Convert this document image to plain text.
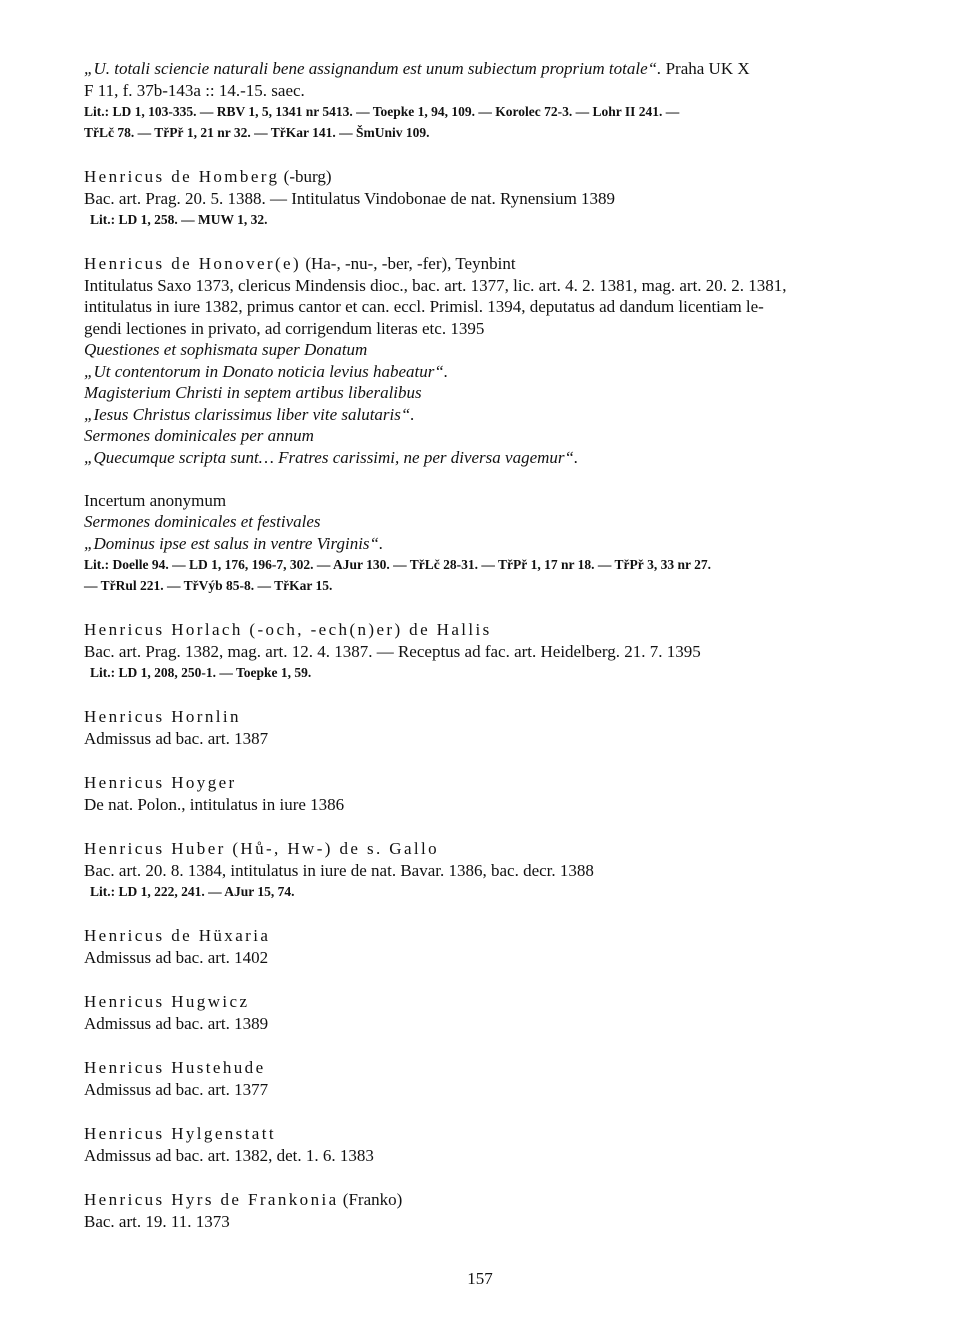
„U. totali sciencie naturali bene assignandum est unum subiectum proprium totale“. Praha UK X
F 11, f. 37b-143a :: 14.-15. saec.
Lit.: LD 1, 103-335. — RBV 1, 5, 1341 nr 5413. — Toepke 1, 94, 109. — Korolec 72-3. — Lohr II 241. —
TřLč 78. — TřPř 1, 21 nr 32. — TřKar 141. — ŠmUniv 109.
Henricus de Homberg (-burg)
Bac. art. Prag. 20. 5. 1388. — Intitulatus Vindobonae de nat. Rynensium 1389
Lit.: LD 1, 258. — MUW 1, 32.
Henricus de Honover(e) (Ha-, -nu-, -ber, -fer), Teynbint
Intitulatus Saxo 1373, clericus Mindensis dioc., bac. art. 1377, lic. art. 4. 2. 1381, mag. art. 20. 2. 1381,
intitulatus in iure 1382, primus cantor et can. eccl. Primisl. 1394, deputatus ad dandum licentiam le-
gendi lectiones in privato, ad corrigendum literas etc. 1395
Questiones et sophismata super Donatum
„Ut contentorum in Donato noticia levius habeatur“.
Magisterium Christi in septem artibus liberalibus
„Iesus Christus clarissimus liber vite salutaris“.
Sermones dominicales per annum
„Quecumque scripta sunt… Fratres carissimi, ne per diversa vagemur“.

Incertum anonymum
Sermones dominicales et festivales
„Dominus ipse est salus in ventre Virginis“.
Lit.: Doelle 94. — LD 1, 176, 196-7, 302. — AJur 130. — TřLč 28-31. — TřPř 1, 17 nr 18. — TřPř 3, 33 nr 27.
— TřRul 221. — TřVýb 85-8. — TřKar 15.
Henricus Horlach (-och, -ech(n)er) de Hallis
Bac. art. Prag. 1382, mag. art. 12. 4. 1387. — Receptus ad fac. art. Heidelberg. 21. 7. 1395
Lit.: LD 1, 208, 250-1. — Toepke 1, 59.
Henricus Hornlin
Admissus ad bac. art. 1387
Henricus Hoyger
De nat. Polon., intitulatus in iure 1386
Henricus Huber (Hů-, Hw-) de s. Gallo
Bac. art. 20. 8. 1384, intitulatus in iure de nat. Bavar. 1386, bac. decr. 1388
Lit.: LD 1, 222, 241. — AJur 15, 74.
Henricus de Hüxaria
Admissus ad bac. art. 1402
Henricus Hugwicz
Admissus ad bac. art. 1389
Henricus Hustehude
Admissus ad bac. art. 1377
Henricus Hylgenstatt
Admissus ad bac. art. 1382, det. 1. 6. 1383
Henricus Hyrs de Frankonia (Franko)
Bac. art. 19. 11. 1373
157
